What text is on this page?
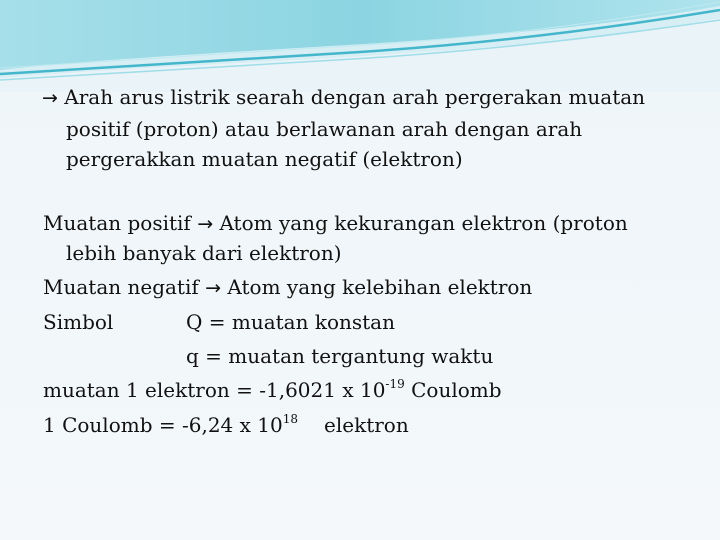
→ Arah arus listrik searah dengan arah pergerakan muatan
positif (proton) atau berlawanan arah dengan arah
pergerakkan muatan negatif (elektron)
Muatan positif → Atom yang kekurangan elektron (proton
lebih banyak dari elektron)
Muatan negatif → Atom yang kelebihan elektron
Simbol	Q = muatan konstan
q = muatan tergantung waktu
muatan 1 elektron = -1,6021 x $10^{-19}$ Coulomb
1 Coulomb = -6,24 x $10^{18}$ elektron
